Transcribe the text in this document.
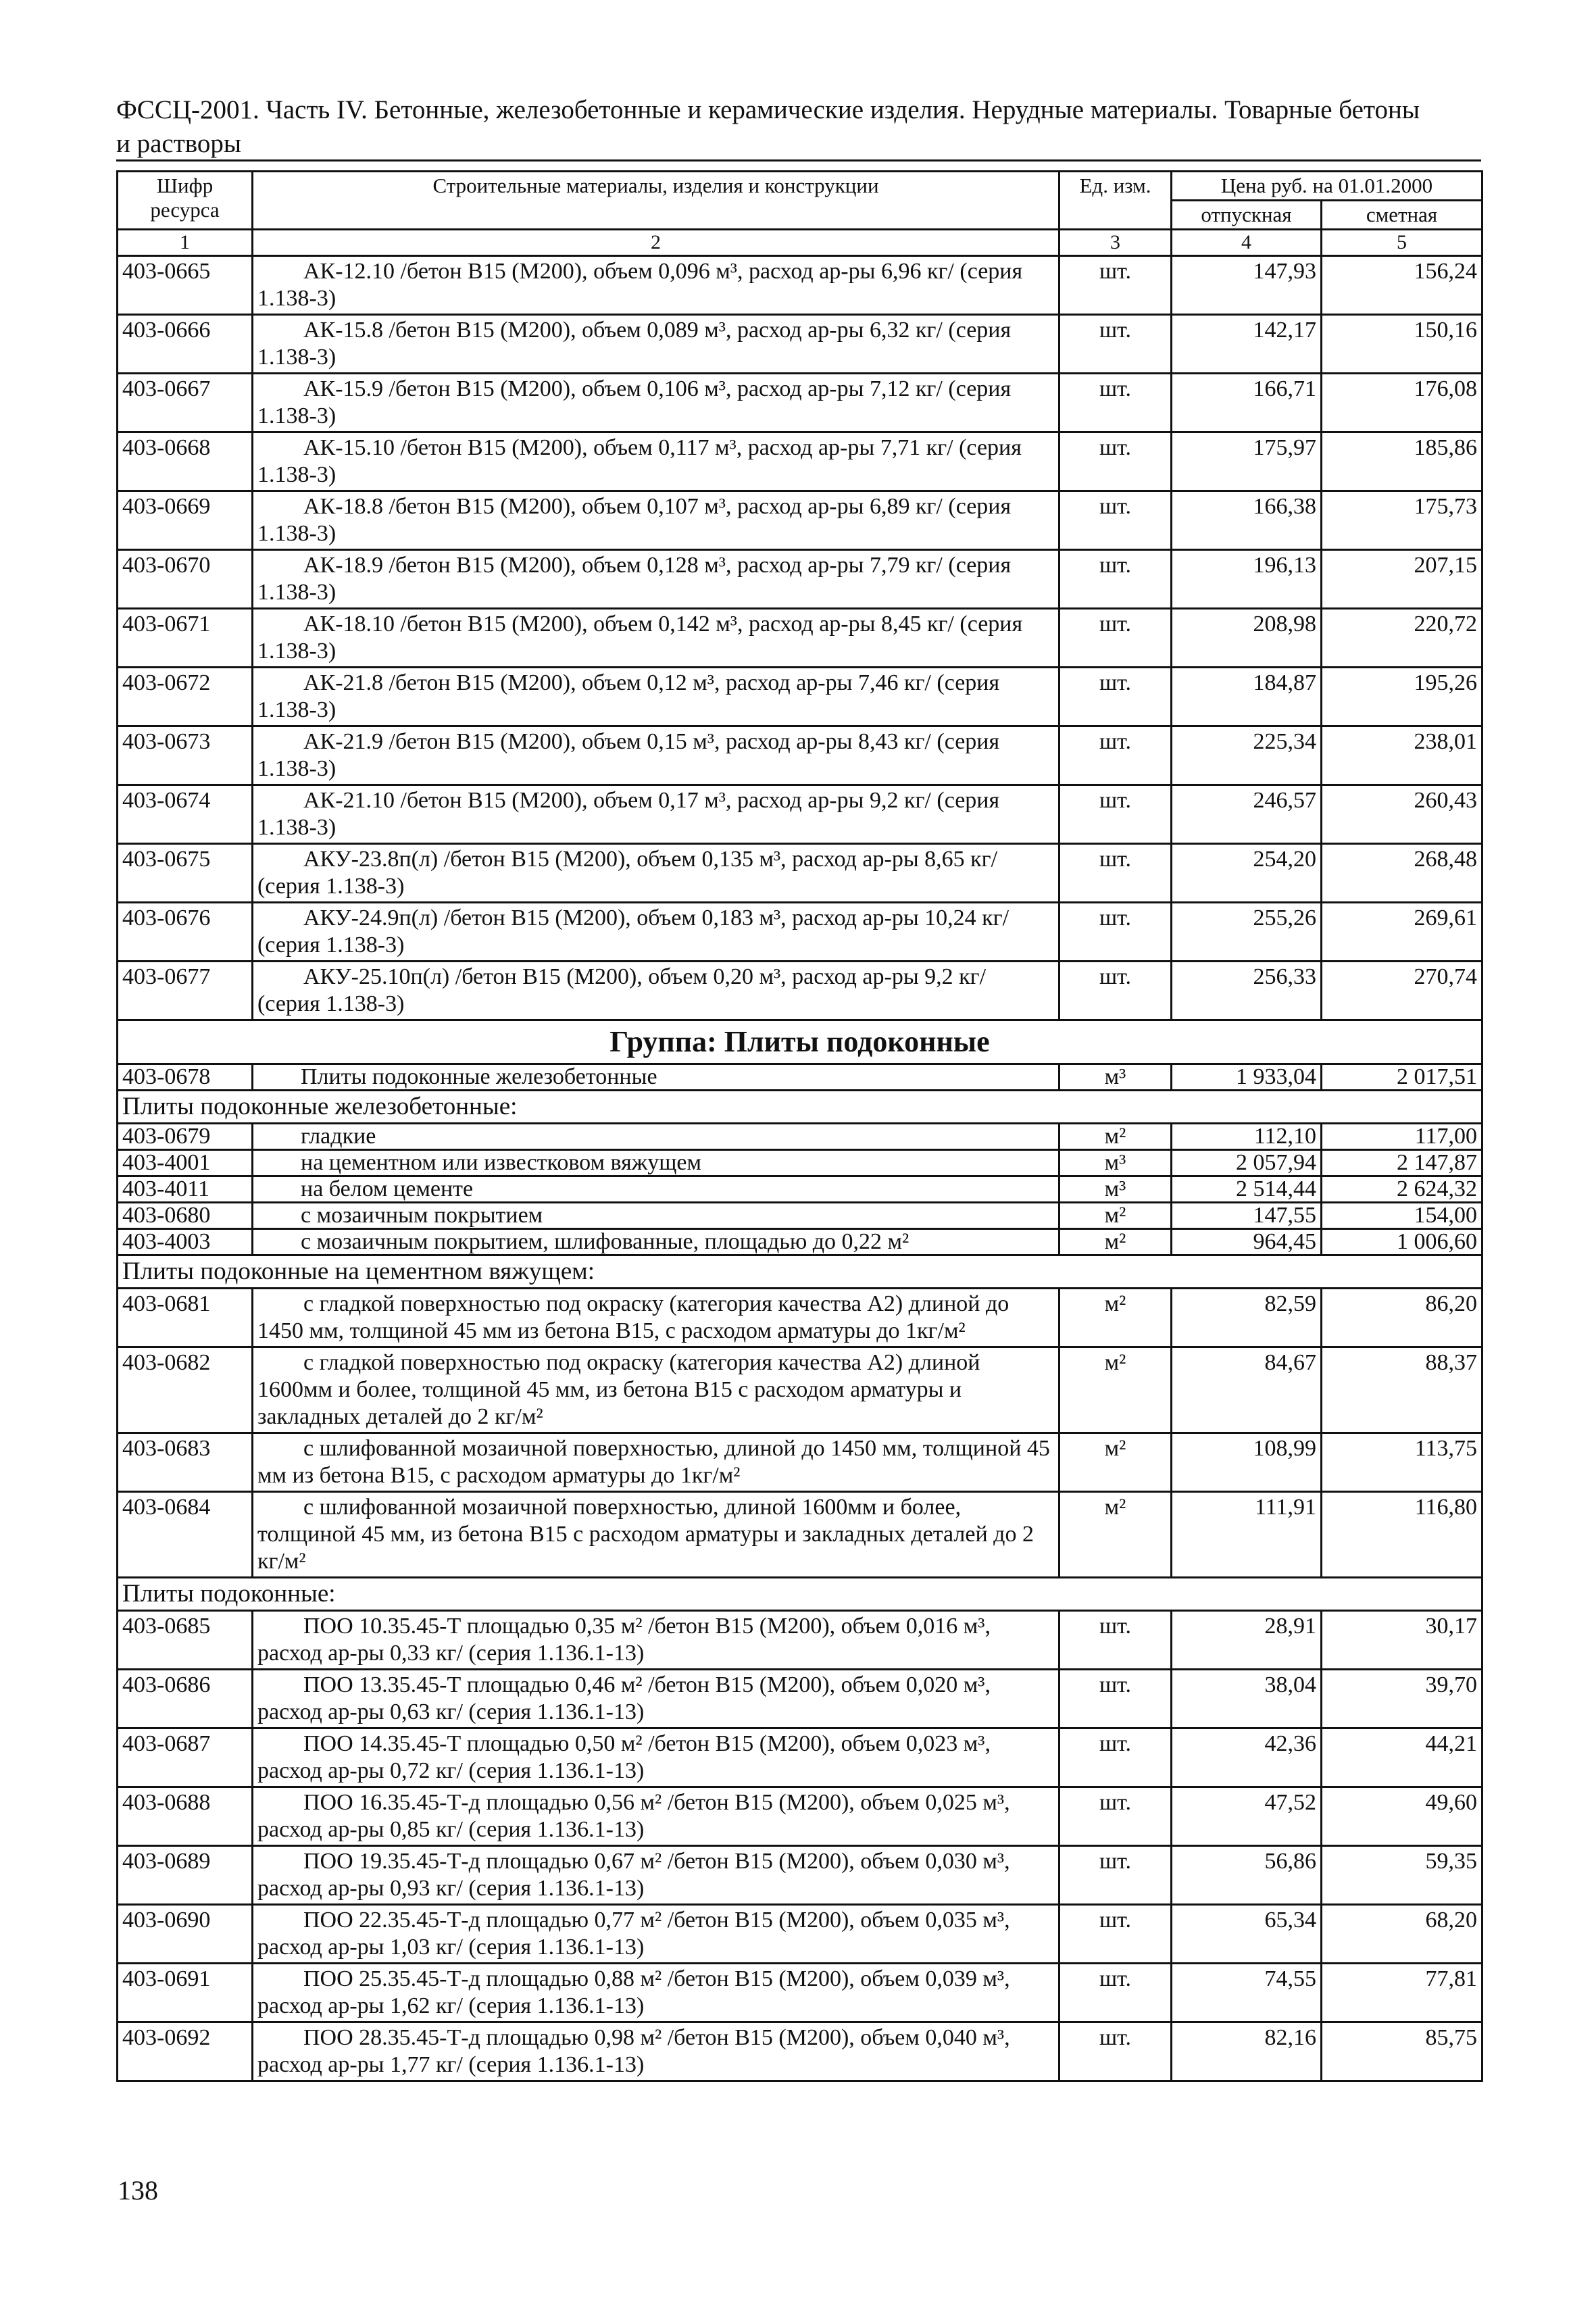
ФССЦ-2001. Часть IV. Бетонные, железобетонные и керамические изделия. Нерудные материалы. Товарные бетоны
и растворы
Шифр ресурса	Строительные материалы, изделия и конструкции	Ед. изм.	Цена руб. на 01.01.2000	
			отпускная	сметная
1	2	3	4	5
403-0665	АК-12.10 /бетон В15 (М200), объем 0,096 м³, расход ар-ры 6,96 кг/ (серия 1.138-3)	шт.	147,93	156,24
403-0666	АК-15.8 /бетон В15 (М200), объем 0,089 м³, расход ар-ры 6,32 кг/ (серия 1.138-3)	шт.	142,17	150,16
403-0667	АК-15.9 /бетон В15 (М200), объем 0,106 м³, расход ар-ры 7,12 кг/ (серия 1.138-3)	шт.	166,71	176,08
403-0668	АК-15.10 /бетон В15 (М200), объем 0,117 м³, расход ар-ры 7,71 кг/ (серия 1.138-3)	шт.	175,97	185,86
403-0669	АК-18.8 /бетон В15 (М200), объем 0,107 м³, расход ар-ры 6,89 кг/ (серия 1.138-3)	шт.	166,38	175,73
403-0670	АК-18.9 /бетон В15 (М200), объем 0,128 м³, расход ар-ры 7,79 кг/ (серия 1.138-3)	шт.	196,13	207,15
403-0671	АК-18.10 /бетон В15 (М200), объем 0,142 м³, расход ар-ры 8,45 кг/ (серия 1.138-3)	шт.	208,98	220,72
403-0672	АК-21.8 /бетон В15 (М200), объем 0,12 м³, расход ар-ры 7,46 кг/ (серия 1.138-3)	шт.	184,87	195,26
403-0673	АК-21.9 /бетон В15 (М200), объем 0,15 м³, расход ар-ры 8,43 кг/ (серия 1.138-3)	шт.	225,34	238,01
403-0674	АК-21.10 /бетон В15 (М200), объем 0,17 м³, расход ар-ры 9,2 кг/ (серия 1.138-3)	шт.	246,57	260,43
403-0675	АКУ-23.8п(л) /бетон В15 (М200), объем 0,135 м³, расход ар-ры 8,65 кг/ (серия 1.138-3)	шт.	254,20	268,48
403-0676	АКУ-24.9п(л) /бетон В15 (М200), объем 0,183 м³, расход ар-ры 10,24 кг/ (серия 1.138-3)	шт.	255,26	269,61
403-0677	АКУ-25.10п(л) /бетон В15 (М200), объем 0,20 м³, расход ар-ры 9,2 кг/ (серия 1.138-3)	шт.	256,33	270,74
Группа: Плиты подоконные				
403-0678	Плиты подоконные железобетонные	м³	1 933,04	2 017,51
Плиты подоконные железобетонные:				
403-0679	гладкие	м²	112,10	117,00
403-4001	на цементном или известковом вяжущем	м³	2 057,94	2 147,87
403-4011	на белом цементе	м³	2 514,44	2 624,32
403-0680	с мозаичным покрытием	м²	147,55	154,00
403-4003	с мозаичным покрытием, шлифованные, площадью до 0,22 м²	м²	964,45	1 006,60
Плиты подоконные на цементном вяжущем:				
403-0681	с гладкой поверхностью под окраску (категория качества А2) длиной до 1450 мм, толщиной 45 мм из бетона В15, с расходом арматуры до 1кг/м²	м²	82,59	86,20
403-0682	с гладкой поверхностью под окраску (категория качества А2) длиной 1600мм и более, толщиной 45 мм, из бетона В15 с расходом арматуры и закладных деталей до 2 кг/м²	м²	84,67	88,37
403-0683	с шлифованной мозаичной поверхностью, длиной до 1450 мм, толщиной 45 мм из бетона В15, с расходом арматуры до 1кг/м²	м²	108,99	113,75
403-0684	с шлифованной мозаичной поверхностью, длиной 1600мм и более, толщиной 45 мм, из бетона В15 с расходом арматуры и закладных деталей до 2 кг/м²	м²	111,91	116,80
Плиты подоконные:				
403-0685	ПОО 10.35.45-Т площадью 0,35 м² /бетон В15 (М200), объем 0,016 м³, расход ар-ры 0,33 кг/ (серия 1.136.1-13)	шт.	28,91	30,17
403-0686	ПОО 13.35.45-Т площадью 0,46 м² /бетон В15 (М200), объем 0,020 м³, расход ар-ры 0,63 кг/ (серия 1.136.1-13)	шт.	38,04	39,70
403-0687	ПОО 14.35.45-Т площадью 0,50 м² /бетон В15 (М200), объем 0,023 м³, расход ар-ры 0,72 кг/ (серия 1.136.1-13)	шт.	42,36	44,21
403-0688	ПОО 16.35.45-Т-д площадью 0,56 м² /бетон В15 (М200), объем 0,025 м³, расход ар-ры 0,85 кг/ (серия 1.136.1-13)	шт.	47,52	49,60
403-0689	ПОО 19.35.45-Т-д площадью 0,67 м² /бетон В15 (М200), объем 0,030 м³, расход ар-ры 0,93 кг/ (серия 1.136.1-13)	шт.	56,86	59,35
403-0690	ПОО 22.35.45-Т-д площадью 0,77 м² /бетон В15 (М200), объем 0,035 м³, расход ар-ры 1,03 кг/ (серия 1.136.1-13)	шт.	65,34	68,20
403-0691	ПОО 25.35.45-Т-д площадью 0,88 м² /бетон В15 (М200), объем 0,039 м³, расход ар-ры 1,62 кг/ (серия 1.136.1-13)	шт.	74,55	77,81
403-0692	ПОО 28.35.45-Т-д площадью 0,98 м² /бетон В15 (М200), объем 0,040 м³, расход ар-ры 1,77 кг/ (серия 1.136.1-13)	шт.	82,16	85,75
138
